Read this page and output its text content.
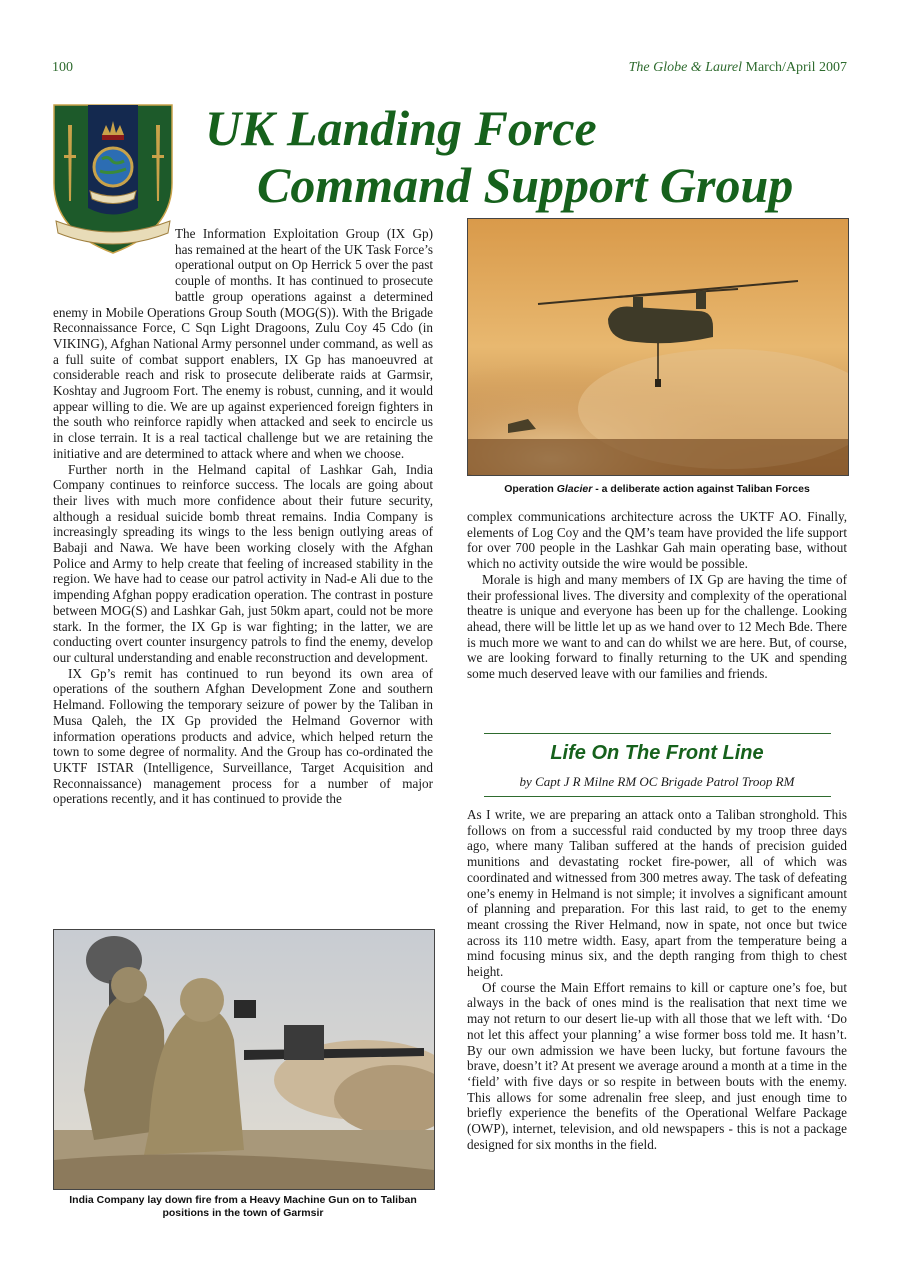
100	The Globe & Laurel March/April 2007
UK Landing Force
Command Support Group

The Information Exploitation Group (IX Gp) has remained at the heart of the UK Task Force’s operational output on Op Herrick 5 over the past couple of months. It has continued to prosecute battle group operations against a determined enemy in Mobile Operations Group South (MOG(S)). With the Brigade Reconnaissance Force, C Sqn Light Dragoons, Zulu Coy 45 Cdo (in VIKING), Afghan National Army personnel under command, as well as a full suite of combat support enablers, IX Gp has manoeuvred at considerable reach and risk to prosecute deliberate raids at Garmsir, Koshtay and Jugroom Fort. The enemy is robust, cunning, and it would appear willing to die. We are up against experienced foreign fighters in the south who reinforce rapidly when attacked and seek to encircle us in close terrain. It is a real tactical challenge but we are retaining the initiative and are determined to attack where and when we choose.

Further north in the Helmand capital of Lashkar Gah, India Company continues to reinforce success. The locals are going about their lives with much more confidence about their future security, although a residual suicide bomb threat remains. India Company is increasingly spreading its wings to the less benign outlying areas of Babaji and Nawa. We have been working closely with the Afghan Police and Army to help create that feeling of increased stability in the region. We have had to cease our patrol activity in Nad-e Ali due to the impending Afghan poppy eradication operation. The contrast in posture between MOG(S) and Lashkar Gah, just 50km apart, could not be more stark. In the former, the IX Gp is war fighting; in the latter, we are conducting overt counter insurgency patrols to find the enemy, develop our cultural understanding and enable reconstruction and development.

IX Gp’s remit has continued to run beyond its own area of operations of the southern Afghan Development Zone and southern Helmand. Following the temporary seizure of power by the Taliban in Musa Qaleh, the IX Gp provided the Helmand Governor with information operations products and advice, which helped return the town to some degree of normality. And the Group has co-ordinated the UKTF ISTAR (Intelligence, Surveillance, Target Acquisition and Reconnaissance) management process for a number of major operations recently, and it has continued to provide the

Operation Glacier - a deliberate action against Taliban Forces

complex communications architecture across the UKTF AO. Finally, elements of Log Coy and the QM’s team have provided the life support for over 700 people in the Lashkar Gah main operating base, without which no activity outside the wire would be possible.

Morale is high and many members of IX Gp are having the time of their professional lives. The diversity and complexity of the operational theatre is unique and everyone has been up for the challenge. Looking ahead, there will be little let up as we hand over to 12 Mech Bde. There is much more we want to and can do whilst we are here. But, of course, we are looking forward to finally returning to the UK and spending some much deserved leave with our families and friends.

Life On The Front Line
by Capt J R Milne RM OC Brigade Patrol Troop RM

As I write, we are preparing an attack onto a Taliban stronghold. This follows on from a successful raid conducted by my troop three days ago, where many Taliban suffered at the hands of precision guided munitions and devastating rocket fire-power, all of which was coordinated and witnessed from 300 metres away. The task of defeating one’s enemy in Helmand is not simple; it involves a significant amount of planning and preparation. For this last raid, to get to the enemy meant crossing the River Helmand, now in spate, not once but twice across its 110 metre width. Easy, apart from the temperature being a mind focusing minus six, and the depth ranging from thigh to chest height.

Of course the Main Effort remains to kill or capture one’s foe, but always in the back of ones mind is the realisation that next time we may not return to our desert lie-up with all those that we left with. ‘Do not let this affect your planning’ a wise former boss told me. It hasn’t. By our own admission we have been lucky, but fortune favours the brave, doesn’t it? At present we average around a month at a time in the ‘field’ with five days or so respite in between bouts with the enemy. This allows for some adrenalin free sleep, and just enough time to briefly experience the benefits of the Operational Welfare Package (OWP), internet, television, and old newspapers - this is not a package designed for six months in the field.

India Company lay down fire from a Heavy Machine Gun on to Taliban positions in the town of Garmsir
